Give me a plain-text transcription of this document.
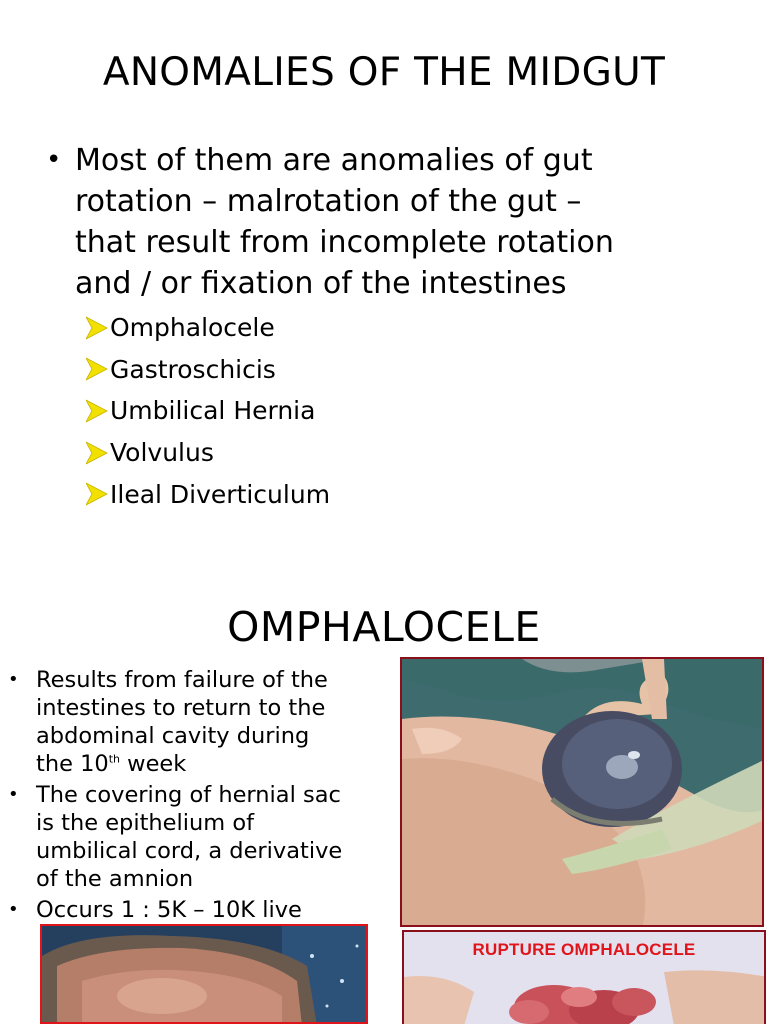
ANOMALIES OF THE MIDGUT
• Most of them are anomalies of gut
rotation – malrotation of the gut –
that result from incomplete rotation
and / or fixation of the intestines
Omphalocele
Gastroschicis
Umbilical Hernia
Volvulus
Ileal Diverticulum
OMPHALOCELE
• Results from failure of the
intestines to return to the
abdominal cavity during
the 10th week
• The covering of hernial sac
is the epithelium of
umbilical cord, a derivative
of the amnion
• Occurs 1 : 5K – 10K live
RUPTURE OMPHALOCELE
